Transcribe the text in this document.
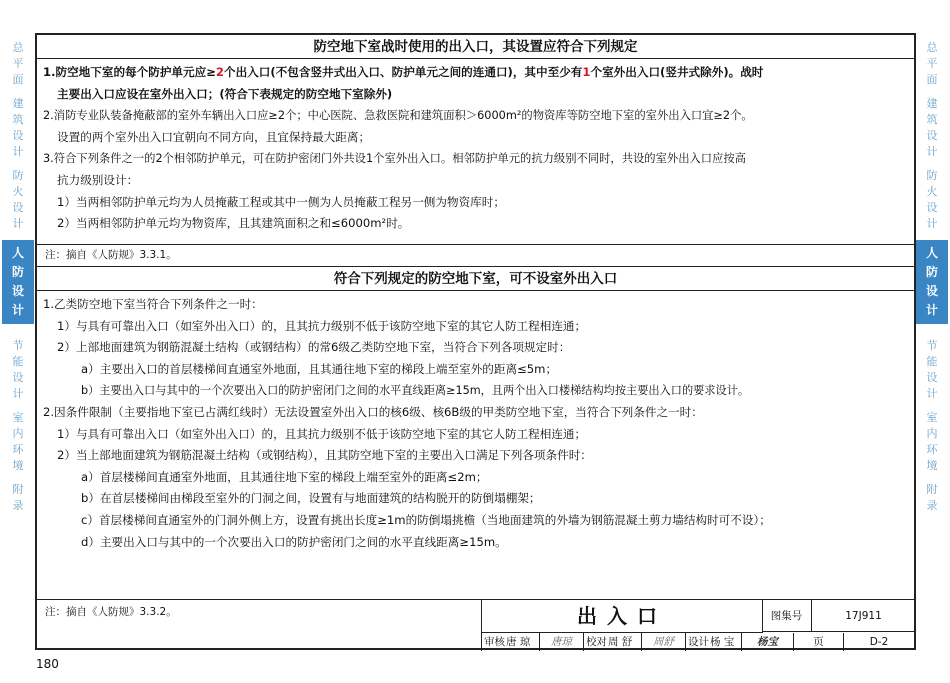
总
平
面
建
筑
设
计
防
火
设
计
人
防
设
计
节
能
设
计
室
内
环
境
附
录
总
平
面
建
筑
设
计
防
火
设
计
人
防
设
计
节
能
设
计
室
内
环
境
附
录
防空地下室战时使用的出入口，其设置应符合下列规定

1.防空地下室的每个防护单元应≥2个出入口(不包含竖井式出入口、防护单元之间的连通口)，其中至少有1个室外出入口(竖井式除外)。战时

主要出入口应设在室外出入口；(符合下表规定的防空地下室除外)

2.消防专业队装备掩蔽部的室外车辆出入口应≥2个；中心医院、急救医院和建筑面积＞6000m²的物资库等防空地下室的室外出入口宜≥2个。

设置的两个室外出入口宜朝向不同方向，且宜保持最大距离；

3.符合下列条件之一的2个相邻防护单元，可在防护密闭门外共设1个室外出入口。相邻防护单元的抗力级别不同时，共设的室外出入口应按高

抗力级别设计：

1）当两相邻防护单元均为人员掩蔽工程或其中一侧为人员掩蔽工程另一侧为物资库时；

2）当两相邻防护单元均为物资库，且其建筑面积之和≤6000m²时。

注：摘自《人防规》3.3.1。
符合下列规定的防空地下室，可不设室外出入口

1.乙类防空地下室当符合下列条件之一时：

1）与具有可靠出入口（如室外出入口）的，且其抗力级别不低于该防空地下室的其它人防工程相连通；

2）上部地面建筑为钢筋混凝土结构（或钢结构）的常6级乙类防空地下室，当符合下列各项规定时：

a）主要出入口的首层楼梯间直通室外地面，且其通往地下室的梯段上端至室外的距离≤5m；

b）主要出入口与其中的一个次要出入口的防护密闭门之间的水平直线距离≥15m，且两个出入口楼梯结构均按主要出入口的要求设计。

2.因条件限制（主要指地下室已占满红线时）无法设置室外出入口的核6级、核6B级的甲类防空地下室，当符合下列条件之一时：

1）与具有可靠出入口（如室外出入口）的，且其抗力级别不低于该防空地下室的其它人防工程相连通；

2）当上部地面建筑为钢筋混凝土结构（或钢结构），且其防空地下室的主要出入口满足下列各项条件时：

a）首层楼梯间直通室外地面，且其通往地下室的梯段上端至室外的距离≤2m；

b）在首层楼梯间由梯段至室外的门洞之间，设置有与地面建筑的结构脱开的防倒塌棚架；

c）首层楼梯间直通室外的门洞外侧上方，设置有挑出长度≥1m的防倒塌挑檐（当地面建筑的外墙为钢筋混凝土剪力墙结构时可不设）；

d）主要出入口与其中的一个次要出入口的防护密闭门之间的水平直线距离≥15m。

注：摘自《人防规》3.3.2。	出入口	图集号	17J911
审核唐 琼 唐琼 校对周 舒 周舒 设计杨 宝 杨宝	页	D-2
180
